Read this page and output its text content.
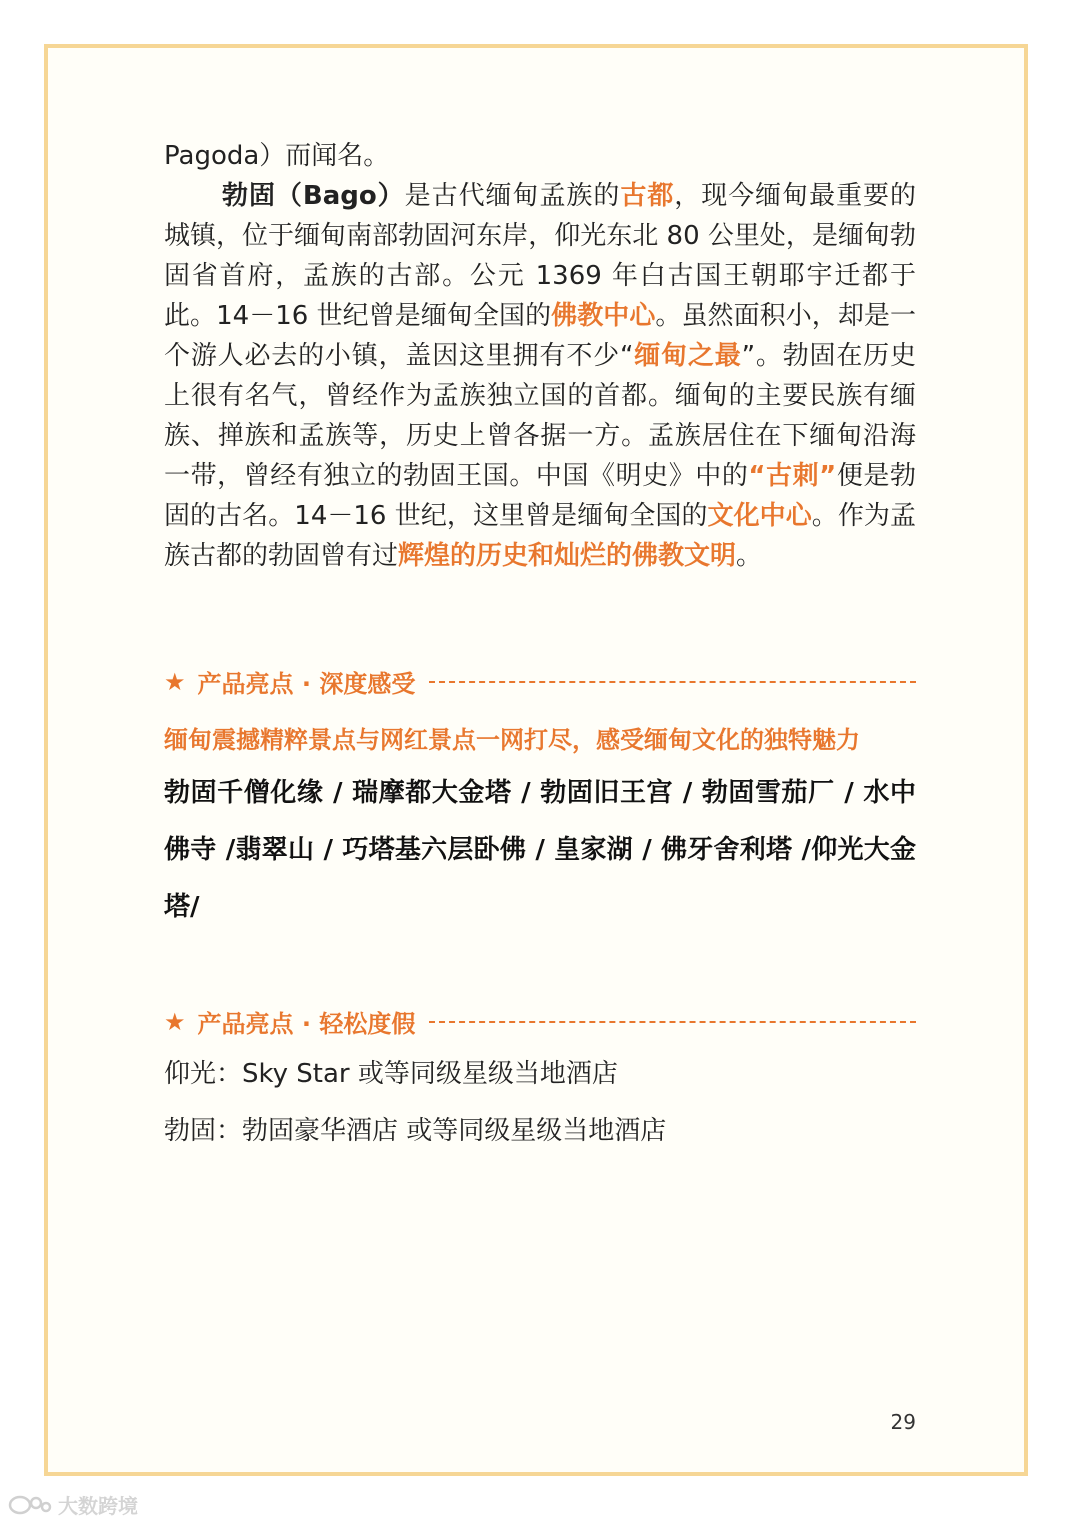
Pagoda）而闻名。

勃固（Bago）是古代缅甸孟族的古都，现今缅甸最重要的城镇，位于缅甸南部勃固河东岸，仰光东北 80 公里处，是缅甸勃固省首府，孟族的古部。公元 1369 年白古国王朝耶宇迁都于此。14－16 世纪曾是缅甸全国的佛教中心。虽然面积小，却是一个游人必去的小镇，盖因这里拥有不少“缅甸之最”。勃固在历史上很有名气，曾经作为孟族独立国的首都。缅甸的主要民族有缅族、掸族和孟族等，历史上曾各据一方。孟族居住在下缅甸沿海一带，曾经有独立的勃固王国。中国《明史》中的“古刺”便是勃固的古名。14－16 世纪，这里曾是缅甸全国的文化中心。作为孟族古都的勃固曾有过辉煌的历史和灿烂的佛教文明。

★ 产品亮点 · 深度感受
缅甸震撼精粹景点与网红景点一网打尽，感受缅甸文化的独特魅力
勃固千僧化缘 / 瑞摩都大金塔 / 勃固旧王宫 / 勃固雪茄厂 / 水中佛寺 /翡翠山 / 巧塔基六层卧佛 / 皇家湖 / 佛牙舍利塔 /仰光大金塔/
★ 产品亮点 · 轻松度假
仰光：Sky Star 或等同级星级当地酒店
勃固：勃固豪华酒店 或等同级星级当地酒店
29
大数跨境
